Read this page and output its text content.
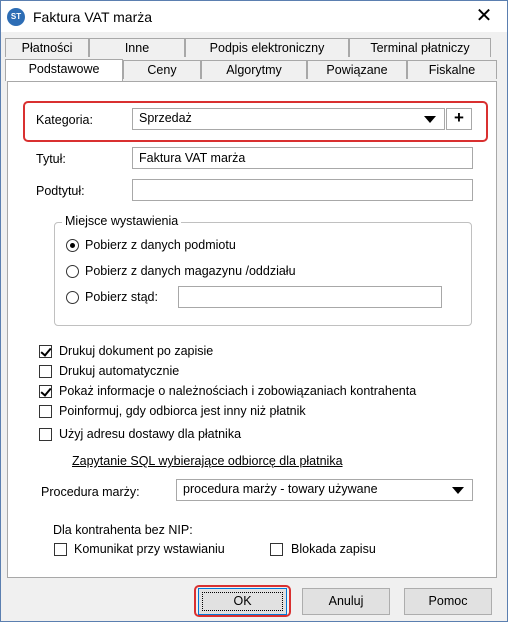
ST Faktura VAT marża	✕
Płatności	Inne	Podpis elektroniczny	Terminal płatniczy
Podstawowe	Ceny	Algorytmy	Powiązane	Fiskalne
Kategoria:	Sprzedaż	+
Tytuł:	Faktura VAT marża
Podtytuł:
Miejsce wystawienia
Pobierz z danych podmiotu
Pobierz z danych magazynu /oddziału
Pobierz stąd:
Drukuj dokument po zapisie
Drukuj automatycznie
Pokaż informacje o należnościach i zobowiązaniach kontrahenta
Poinformuj, gdy odbiorca jest inny niż płatnik
Użyj adresu dostawy dla płatnika
Zapytanie SQL wybierające odbiorcę dla płatnika
Procedura marży:	procedura marży - towary używane
Dla kontrahenta bez NIP:
Komunikat przy wstawianiu	Blokada zapisu
OK	Anuluj	Pomoc
